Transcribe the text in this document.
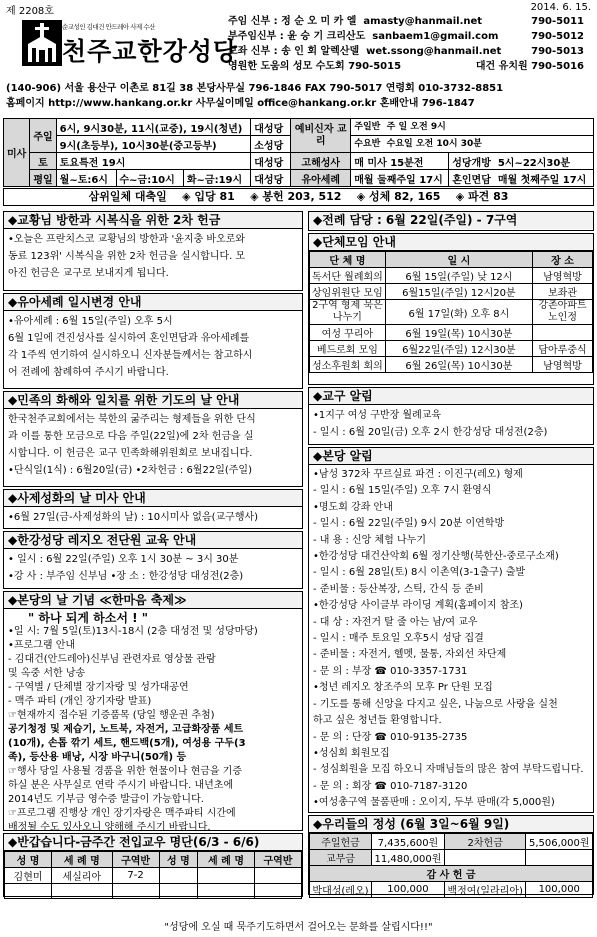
제 2208호	2014. 6. 15.
순교성인 김대건 안드레아 사제 수산
천주교한강성당
주임 신부 : 정 순 오 미 카 엘 amasty@hanmail.net	790-5011
부주임신부 : 윤 승 기 크리산도 sanbaem1@gmail.com	790-5012
보좌 신부 : 송 인 회 알렉산델 wet.ssong@hanmail.net	790-5013
영원한 도움의 성모 수도회 790-5015	대건 유치원 790-5016
(140-906) 서울 용산구 이촌로 81길 38 본당사무실 796-1846 FAX 790-5017 연령회 010-3732-8851
홈페이지 http://www.hankang.or.kr 사무실이메일 office@hankang.or.kr 혼배안내 796-1847
미사	주일	6시, 9시30분, 11시(교중), 19시(청년)			대성당	예비신자 교리	주일반 주 일 오전 9시	

		9시(초등부), 10시30분(중고등부)			소성당		수요반 수요일 오전 10시 30분	
	토	토요특전 19시			대성당	고해성사	매 미사 15분전	성당개방 5시~22시30분
	평일	월~토:6시	수~금:10시	화~금:19시	대성당	유아세례	매월 둘째주일 17시	혼인면담 매월 첫째주일 17시
삼위일체 대축일 ◈ 입당 81 ◈ 봉헌 203, 512 ◈ 성체 82, 165 ◈ 파견 83
◆교황님 방한과 시복식을 위한 2차 헌금
•오늘은 프란치스코 교황님의 방한과 '윤지충 바오로와
동료 123위' 시복식을 위한 2차 헌금을 실시합니다. 모
아진 헌금은 교구로 보내지게 됩니다.
◆유아세례 일시변경 안내
•유아세례 : 6월 15일(주일) 오후 5시
6월 1일에 견진성사를 실시하여 혼인면담과 유아세례를
각 1주씩 연기하여 실시하오니 신자분들께서는 참고하시
어 전례에 참례하여 주시기 바랍니다.
◆민족의 화해와 일치를 위한 기도의 날 안내
한국천주교회에서는 북한의 굶주리는 형제들을 위한 단식
과 이를 통한 모금으로 다음 주일(22일)에 2차 헌금을 실
시합니다. 이 헌금은 교구 민족화해위원회로 보내집니다.
•단식일(1식) : 6월20일(금) •2차헌금 : 6월22일(주일)
◆사제성화의 날 미사 안내
•6월 27일(금-사제성화의 날) : 10시미사 없음(교구행사)
◆한강성당 레지오 전단원 교육 안내
• 일시 : 6월 22일(주일) 오후 1시 30분 ~ 3시 30분
•강 사 : 부주임 신부님 •장 소 : 한강성당 대성전(2층)
◆본당의 날 기념 ≪한마음 축제≫
" 하나 되게 하소서 ! "
•일 시: 7월 5일(토)13시-18시 (2층 대성전 및 성당마당)
•프로그램 안내
- 김대건(안드레아)신부님 관련자료 영상물 관람
및 옥중 서한 낭송
- 구역별 / 단체별 장기자랑 및 성가대공연
- 맥주 파티 (개인 장기자랑 발표)
☞현재까지 접수된 기증품목 (당일 행운권 추첨)
공기청정 및 제습기, 노트북, 자전거, 고급화장품 세트
(10개), 손톱 깎기 세트, 핸드백(5개), 여성용 구두(3
족), 등산용 배낭, 시장 바구니(50개) 등
☞행사 당일 사용될 경품을 위한 현물이나 현금을 기증
하실 분은 사무실로 연락 주시기 바랍니다. 내년초에
2014년도 기부금 영수증 발급이 가능합니다.
☞프로그램 진행상 개인 장기자랑은 맥주파티 시간에
배정될 수도 있사오니 양해해 주시기 바랍니다.
◆반갑습니다-금주간 전입교우 명단(6/3 - 6/6)
성 명	세 례 명	구역반	성 명	세 례 명	구역반
김현미	세실리아	7-2			

◆전례 담당 : 6월 22일(주일) - 7구역
◆단체모임 안내
단 체 명	일 시	장 소
독서단 월례회의	6월 15일(주일) 낮 12시	남영혁방
상임위원단 모임	6월15일(주일) 12시20분	보좌관
2구역 형제 묵은나누기	6월 17일(화) 오후 8시	강촌아파트 노인정
여성 꾸리아	6월 19일(목) 10시30분	
베드로회 모임	6월22일(주일) 12시30분	담아루중식
성소후원회 회의	6월 26일(목) 10시30분	남영혁방
◆교구 알림
•1지구 여성 구반장 월례교육
- 일시 : 6월 20일(금) 오후 2시 한강성당 대성전(2층)
◆본당 알림
•남성 372차 꾸르실료 파견 : 이진구(레오) 형제
- 일시 : 6월 15일(주일) 오후 7시 환영식
•명도회 강좌 안내
- 일시 : 6월 22일(주일) 9시 20분 이연학방
- 내 용 : 신앙 체험 나누기
•한강성당 대건산악회 6월 정기산행(북한산-중로구소재)
- 일시 : 6월 28일(토) 8시 이촌역(3-1출구) 출발
- 준비물 : 등산복장, 스틱, 간식 등 준비
•한강성당 사이클부 라이딩 계획(홈페이지 참조)
- 대 상 : 자전거 탈 줄 아는 남/여 교우
- 일시 : 매주 토요일 오후5시 성당 집결
- 준비물 : 자전거, 헬멧, 물통, 자외선 차단제
- 문 의 : 부장 ☎ 010-3357-1731
•청년 레지오 창조주의 모후 Pr 단원 모집
- 기도를 통해 신앙을 다지고 싶은, 나눔으로 사랑을 실천
하고 싶은 청년들 환영합니다.
- 문 의 : 단장 ☎ 010-9135-2735
•성심회 회원모집
- 성심회원을 모집 하오니 자매님들의 많은 참여 부탁드립니다.
- 문 의 : 회장 ☎ 010-7187-3120
•여성총구역 물품판매 : 오이지, 두부 판매(각 5,000원)
◆우리들의 정성 (6월 3일~6월 9일)
주일헌금	7,435,600원	2차헌금	5,506,000원
교무금	11,480,000원		
감 사 헌 금			
박대성(레오)	100,000	백정여(일라리아)	100,000
"성당에 오실 때 묵주기도하면서 걸어오는 문화를 살립시다!!"
